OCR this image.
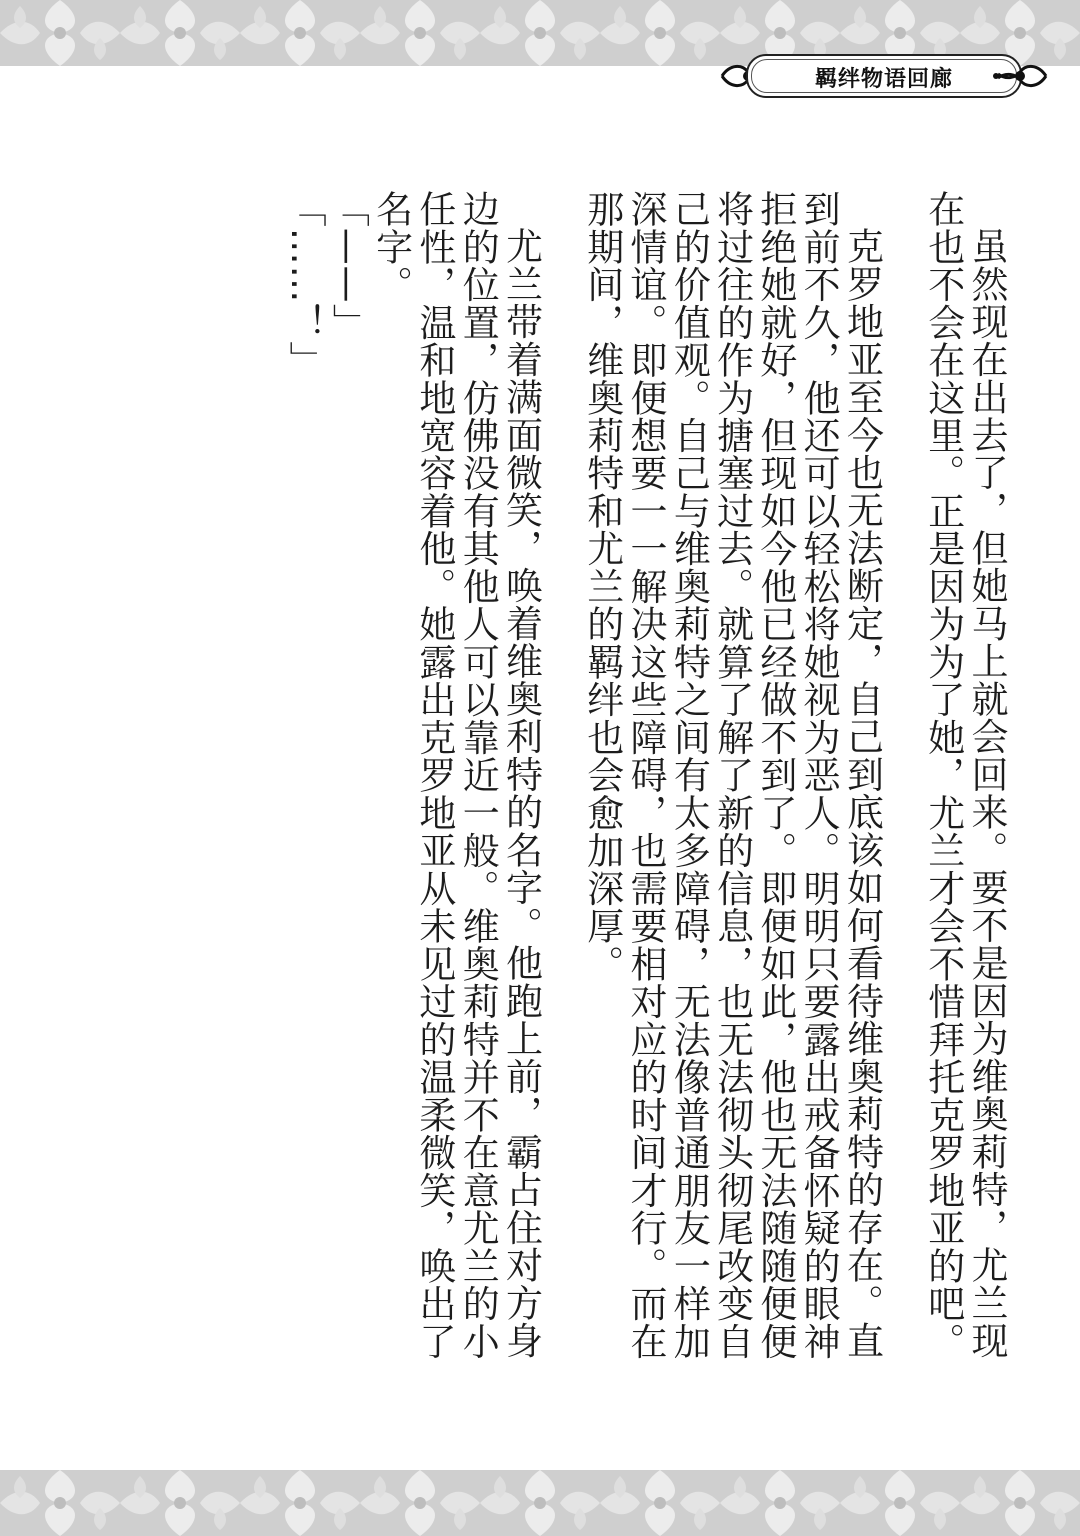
羁绊物语回廊

虽然现在出去了，但她马上就会回来。要不是因为维奥莉特，尤兰现在也不会在这里。正是因为为了她，尤兰才会不惜拜托克罗地亚的吧。

克罗地亚至今也无法断定，自己到底该如何看待维奥莉特的存在。直到前不久，他还可以轻松将她视为恶人。明明只要露出戒备怀疑的眼神拒绝她就好，但现如今他已经做不到了。即便如此，他也无法随随便便将过往的作为搪塞过去。就算了解了新的信息，也无法彻头彻尾改变自己的价值观。自己与维奥莉特之间有太多障碍，无法像普通朋友一样加深情谊。即便想要一一解决这些障碍，也需要相对应的时间才行。而在那期间，维奥莉特和尤兰的羁绊也会愈加深厚。

尤兰带着满面微笑，唤着维奥利特的名字。他跑上前，霸占住对方身边的位置，仿佛没有其他人可以靠近一般。维奥莉特并不在意尤兰的小任性，温和地宽容着他。她露出克罗地亚从未见过的温柔微笑，唤出了名字。

「——」

「……！」
